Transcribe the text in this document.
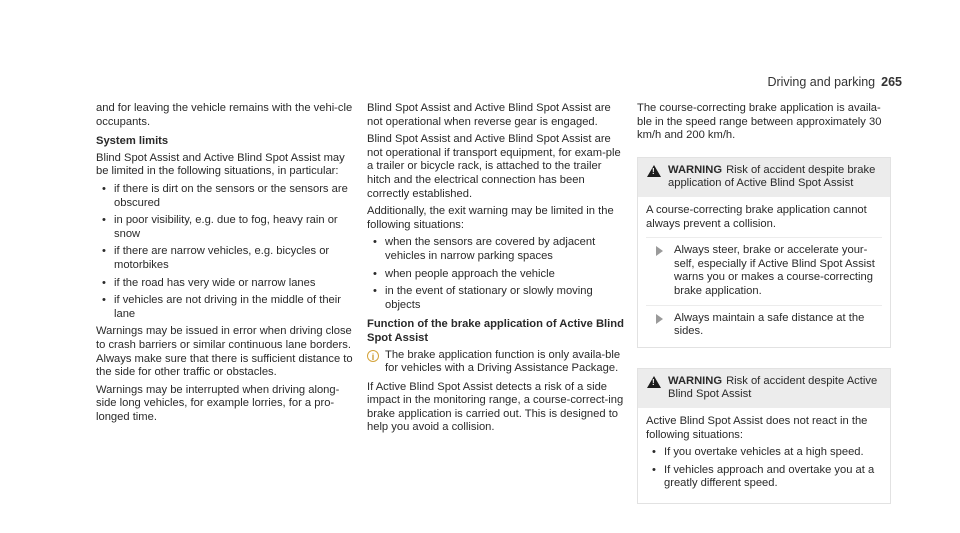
Driving and parking 265

and for leaving the vehicle remains with the vehi-cle occupants.

System limits

Blind Spot Assist and Active Blind Spot Assist may be limited in the following situations, in particular:

• if there is dirt on the sensors or the sensors are obscured
• in poor visibility, e.g. due to fog, heavy rain or snow
• if there are narrow vehicles, e.g. bicycles or motorbikes
• if the road has very wide or narrow lanes
• if vehicles are not driving in the middle of their lane

Warnings may be issued in error when driving close to crash barriers or similar continuous lane borders. Always make sure that there is sufficient distance to the side for other traffic or obstacles.

Warnings may be interrupted when driving along-side long vehicles, for example lorries, for a pro-longed time.

Blind Spot Assist and Active Blind Spot Assist are not operational when reverse gear is engaged.

Blind Spot Assist and Active Blind Spot Assist are not operational if transport equipment, for exam-ple a trailer or bicycle rack, is attached to the trailer hitch and the electrical connection has been correctly established.

Additionally, the exit warning may be limited in the following situations:

• when the sensors are covered by adjacent vehicles in narrow parking spaces
• when people approach the vehicle
• in the event of stationary or slowly moving objects
Function of the brake application of Active Blind Spot Assist
i The brake application function is only availa-ble for vehicles with a Driving Assistance Package.

If Active Blind Spot Assist detects a risk of a side impact in the monitoring range, a course-correct-ing brake application is carried out. This is designed to help you avoid a collision.

The course-correcting brake application is availa-ble in the speed range between approximately 30 km/h and 200 km/h.

!
WARNING Risk of accident despite brake application of Active Blind Spot Assist

A course-correcting brake application cannot always prevent a collision.

Always steer, brake or accelerate your-self, especially if Active Blind Spot Assist warns you or makes a course-correcting brake application.
Always maintain a safe distance at the sides.
!
WARNING Risk of accident despite Active Blind Spot Assist

Active Blind Spot Assist does not react in the following situations:

• If you overtake vehicles at a high speed.
• If vehicles approach and overtake you at a greatly different speed.
